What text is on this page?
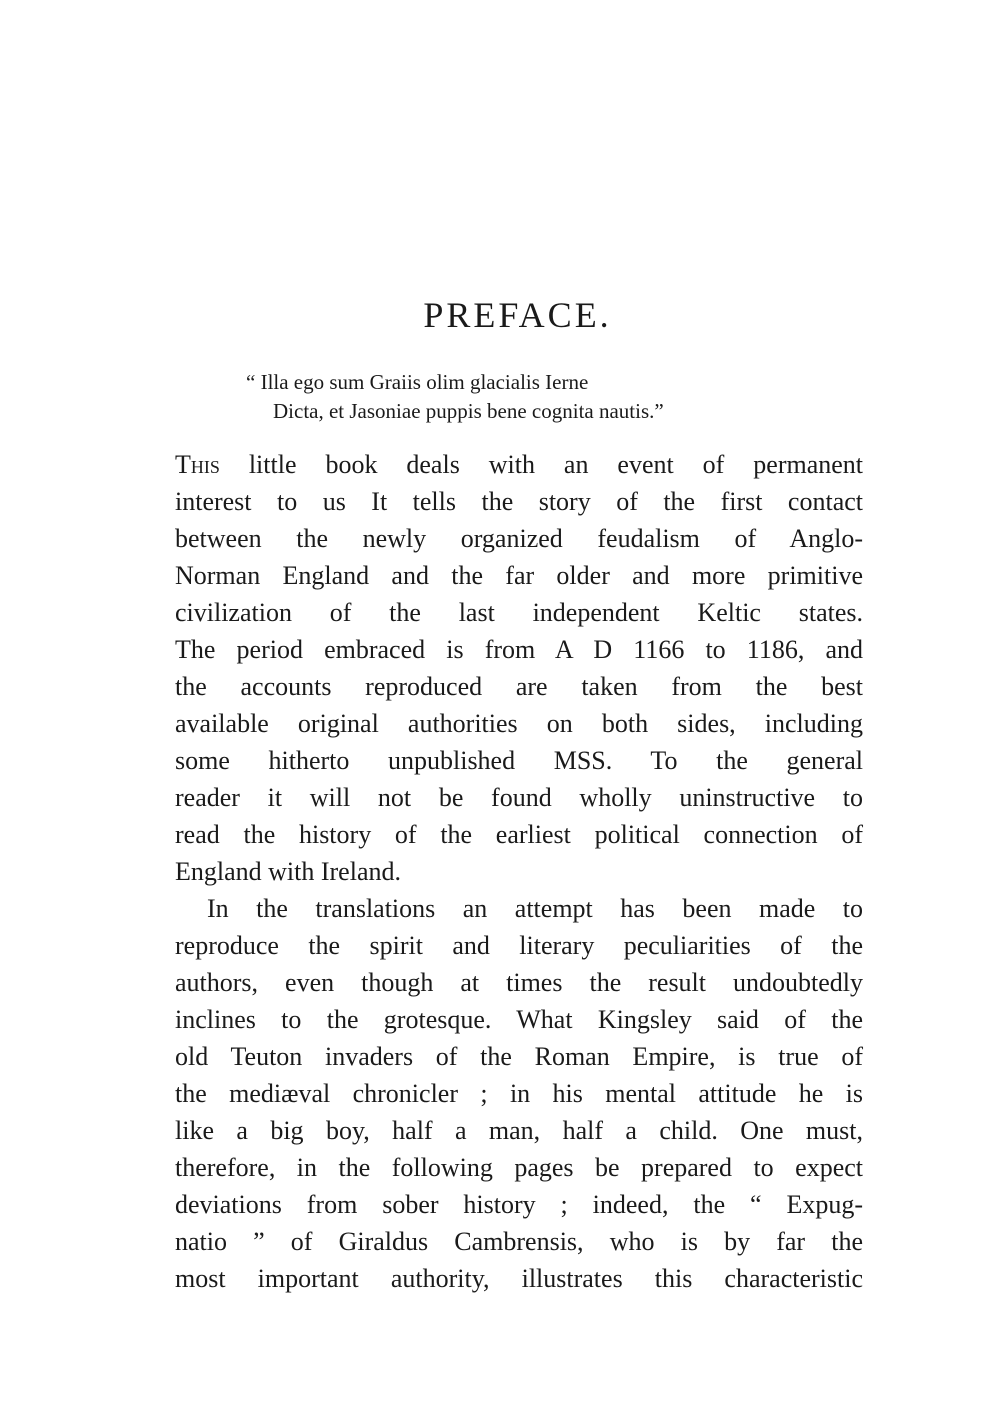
PREFACE.
“ Illa ego sum Graiis olim glacialis Ierne
Dicta, et Jasoniae puppis bene cognita nautis.”
This little book deals with an event of permanent
interest to us It tells the story of the first contact
between the newly organized feudalism of Anglo-
Norman England and the far older and more primitive
civilization of the last independent Keltic states.
The period embraced is from A D 1166 to 1186, and
the accounts reproduced are taken from the best
available original authorities on both sides, including
some hitherto unpublished MSS. To the general
reader it will not be found wholly uninstructive to
read the history of the earliest political connection of
England with Ireland.
In the translations an attempt has been made to
reproduce the spirit and literary peculiarities of the
authors, even though at times the result undoubtedly
inclines to the grotesque. What Kingsley said of the
old Teuton invaders of the Roman Empire, is true of
the mediæval chronicler ; in his mental attitude he is
like a big boy, half a man, half a child. One must,
therefore, in the following pages be prepared to expect
deviations from sober history ; indeed, the “ Expug-
natio ” of Giraldus Cambrensis, who is by far the
most important authority, illustrates this characteristic
